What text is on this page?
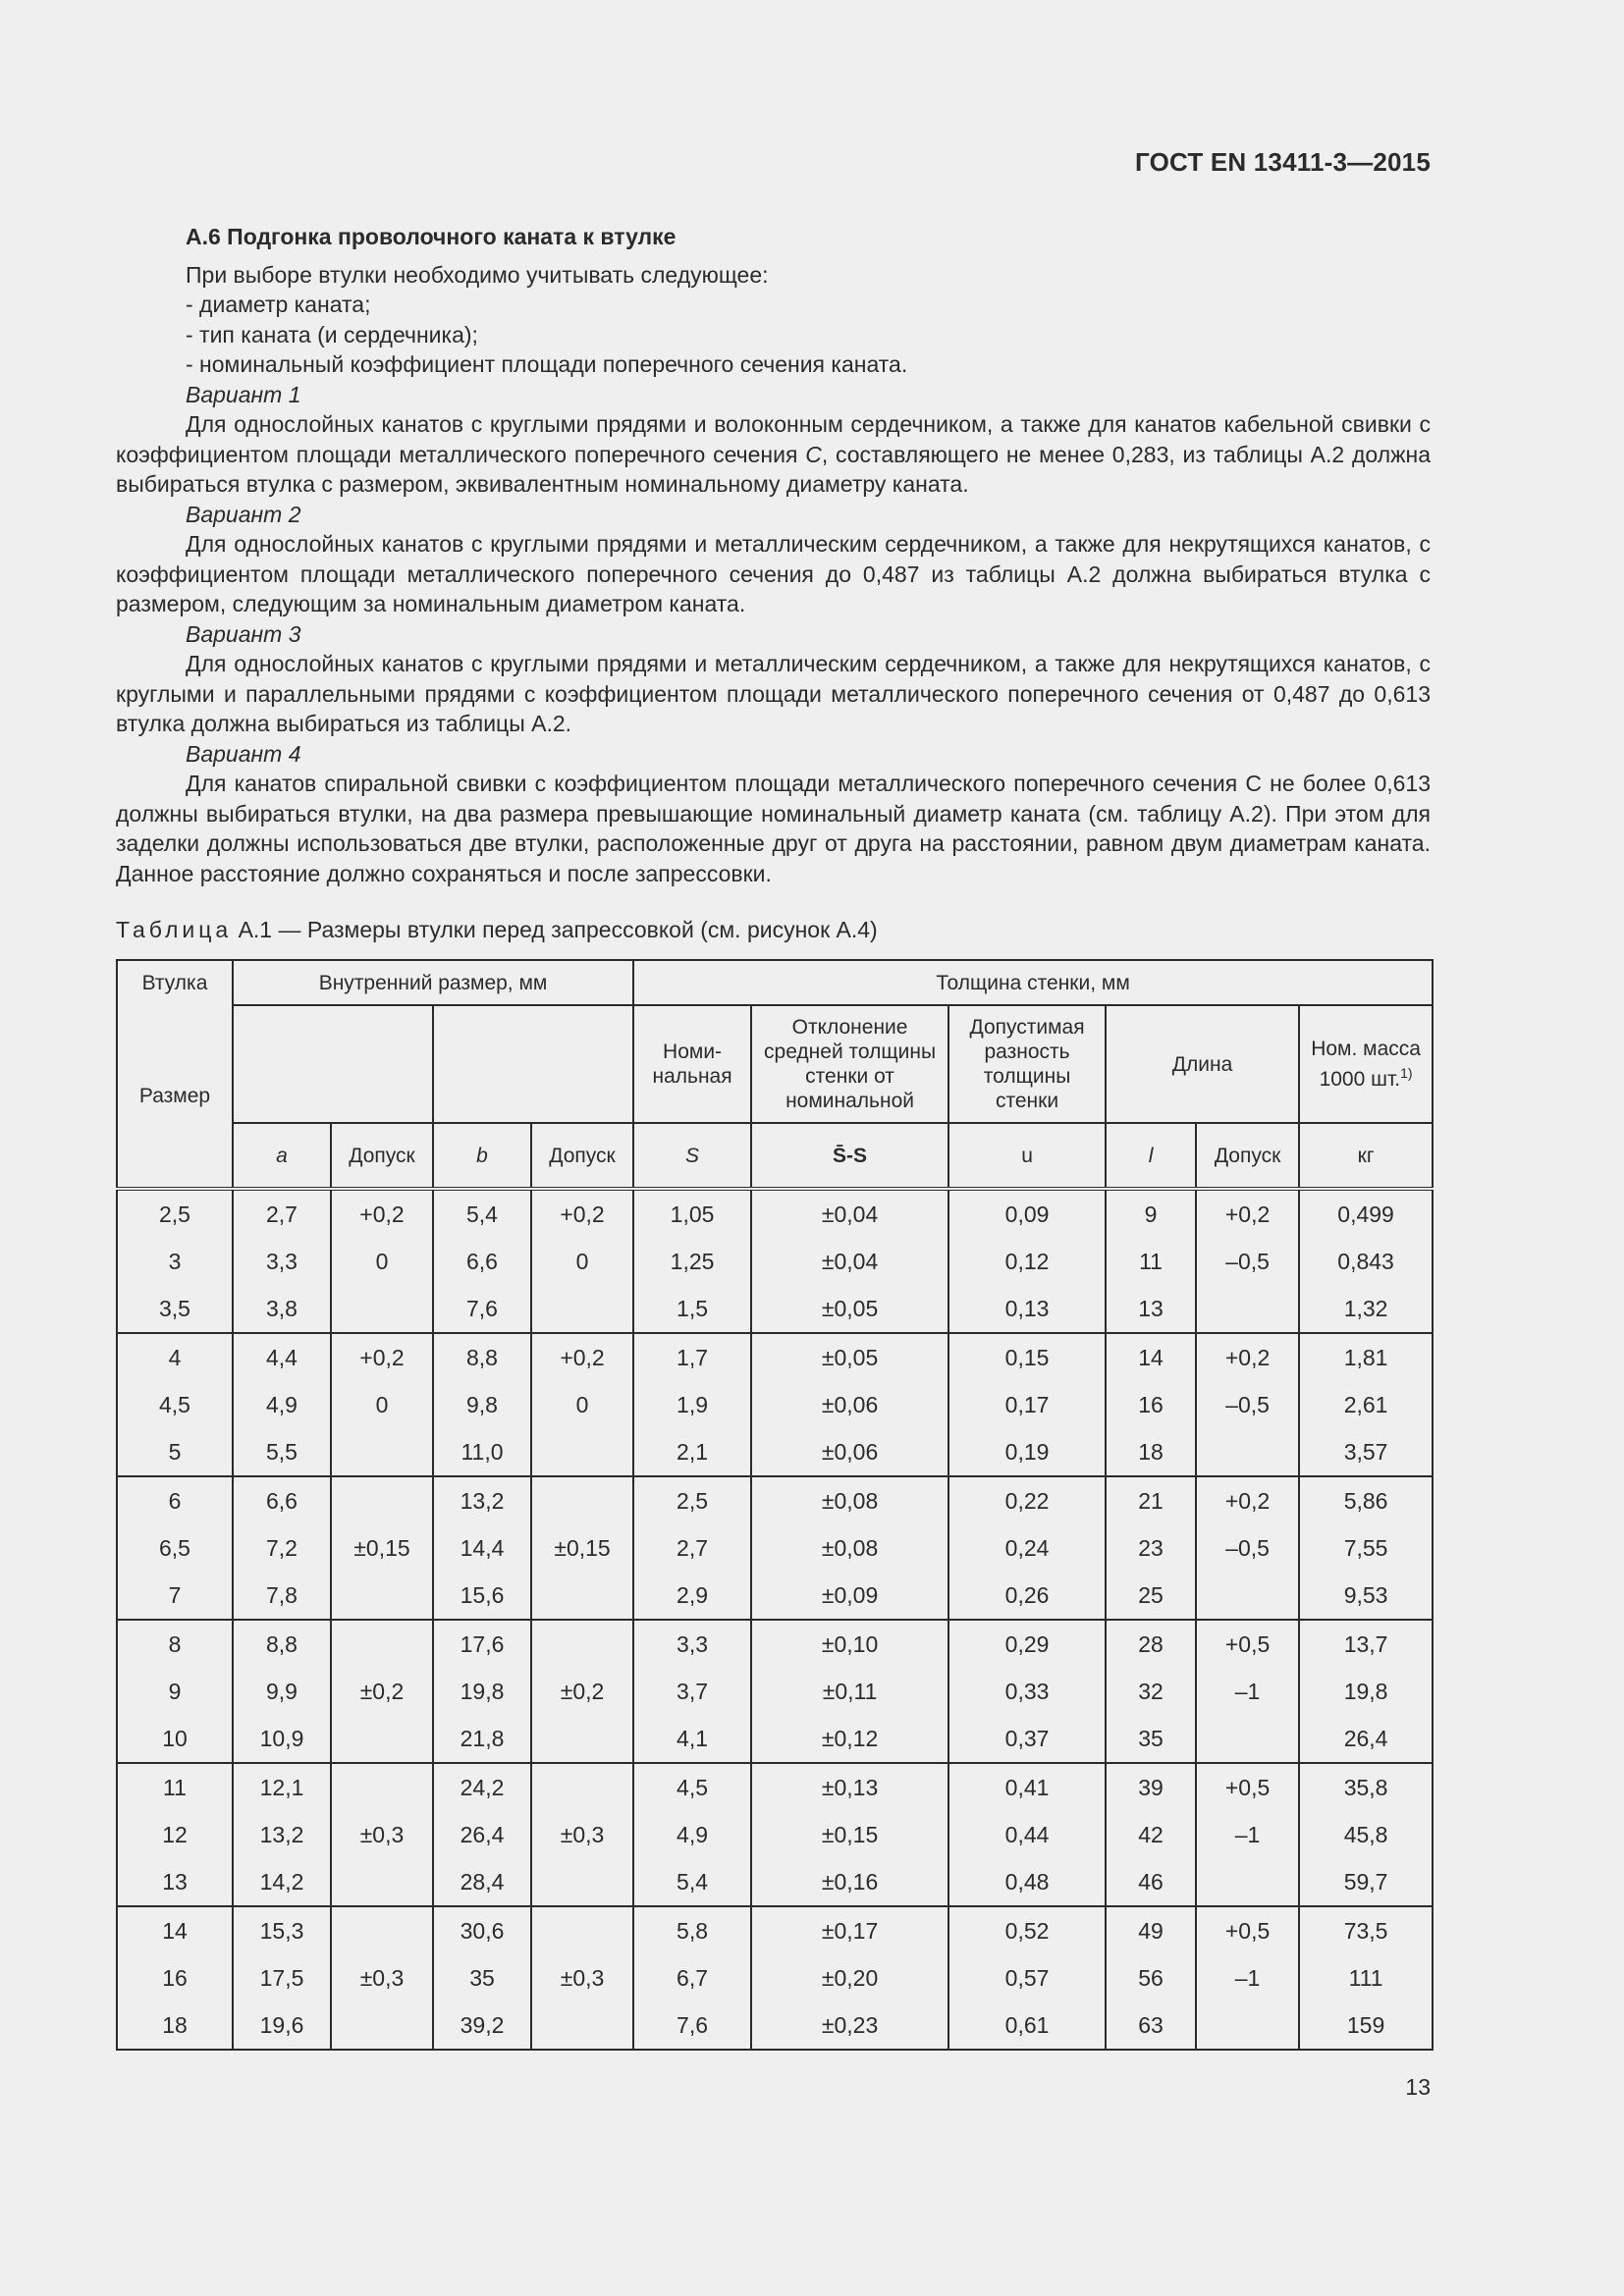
ГОСТ EN 13411-3—2015

А.6 Подгонка проволочного каната к втулке

При выборе втулки необходимо учитывать следующее:

- диаметр каната;

- тип каната (и сердечника);

- номинальный коэффициент площади поперечного сечения каната.

Вариант 1

Для однослойных канатов с круглыми прядями и волоконным сердечником, а также для канатов кабельной свивки с коэффициентом площади металлического поперечного сечения C, составляющего не менее 0,283, из таблицы А.2 должна выбираться втулка с размером, эквивалентным номинальному диаметру каната.

Вариант 2

Для однослойных канатов с круглыми прядями и металлическим сердечником, а также для некрутящихся канатов, с коэффициентом площади металлического поперечного сечения до 0,487 из таблицы А.2 должна выбираться втулка с размером, следующим за номинальным диаметром каната.

Вариант 3

Для однослойных канатов с круглыми прядями и металлическим сердечником, а также для некрутящихся канатов, с круглыми и параллельными прядями с коэффициентом площади металлического поперечного сечения от 0,487 до 0,613 втулка должна выбираться из таблицы А.2.

Вариант 4

Для канатов спиральной свивки с коэффициентом площади металлического поперечного сечения С не более 0,613 должны выбираться втулки, на два размера превышающие номинальный диаметр каната (см. таблицу А.2). При этом для заделки должны использоваться две втулки, расположенные друг от друга на расстоянии, равном двум диаметрам каната. Данное расстояние должно сохраняться и после запрессовки.

Таблица А.1 — Размеры втулки перед запрессовкой (см. рисунок А.4)
Втулка	Внутренний размер, мм				Толщина стенки, мм					
Размер					Номи-нальная	Отклонение средней толщины стенки от номинальной	Допустимая разность толщины стенки	Длина		Ном. масса 1000 шт.$^{1)}$
	a	Допуск	b	Допуск	S	S̄-S	u	l	Допуск	кг
2,5	2,7	+0,2	5,4	+0,2	1,05	±0,04	0,09	9	+0,2	0,499
3	3,3	0	6,6	0	1,25	±0,04	0,12	11	–0,5	0,843
3,5	3,8		7,6		1,5	±0,05	0,13	13		1,32
4	4,4	+0,2	8,8	+0,2	1,7	±0,05	0,15	14	+0,2	1,81
4,5	4,9	0	9,8	0	1,9	±0,06	0,17	16	–0,5	2,61
5	5,5		11,0		2,1	±0,06	0,19	18		3,57
6	6,6		13,2		2,5	±0,08	0,22	21	+0,2	5,86
6,5	7,2	±0,15	14,4	±0,15	2,7	±0,08	0,24	23	–0,5	7,55
7	7,8		15,6		2,9	±0,09	0,26	25		9,53
8	8,8		17,6		3,3	±0,10	0,29	28	+0,5	13,7
9	9,9	±0,2	19,8	±0,2	3,7	±0,11	0,33	32	–1	19,8
10	10,9		21,8		4,1	±0,12	0,37	35		26,4
11	12,1		24,2		4,5	±0,13	0,41	39	+0,5	35,8
12	13,2	±0,3	26,4	±0,3	4,9	±0,15	0,44	42	–1	45,8
13	14,2		28,4		5,4	±0,16	0,48	46		59,7
14	15,3		30,6		5,8	±0,17	0,52	49	+0,5	73,5
16	17,5	±0,3	35	±0,3	6,7	±0,20	0,57	56	–1	111
18	19,6		39,2		7,6	±0,23	0,61	63		159
13
